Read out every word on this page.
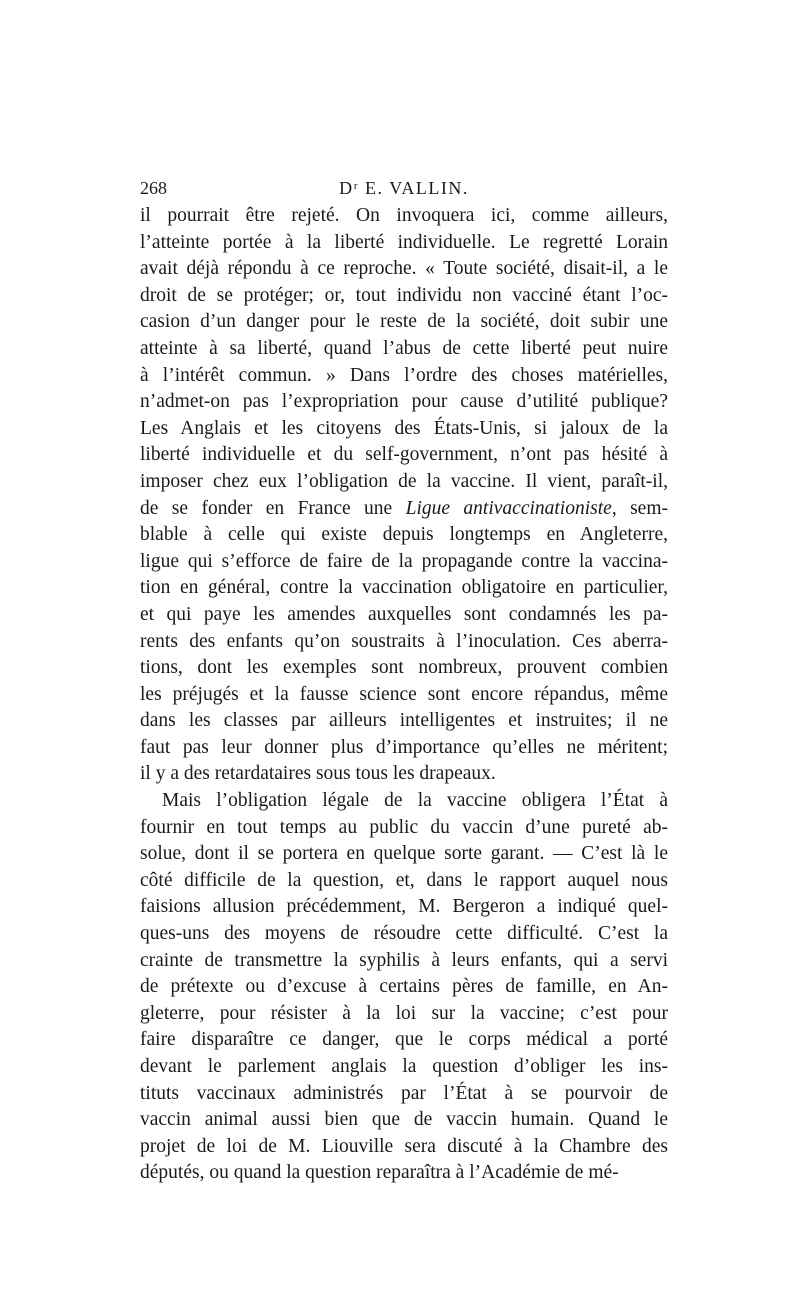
268	Dʳ E. VALLIN.
il pourrait être rejeté. On invoquera ici, comme ailleurs,
l’atteinte portée à la liberté individuelle. Le regretté Lorain
avait déjà répondu à ce reproche. « Toute société, disait-il, a le
droit de se protéger; or, tout individu non vacciné étant l’oc-
casion d’un danger pour le reste de la société, doit subir une
atteinte à sa liberté, quand l’abus de cette liberté peut nuire
à l’intérêt commun. » Dans l’ordre des choses matérielles,
n’admet-on pas l’expropriation pour cause d’utilité publique?
Les Anglais et les citoyens des États-Unis, si jaloux de la
liberté individuelle et du self-government, n’ont pas hésité à
imposer chez eux l’obligation de la vaccine. Il vient, paraît-il,
de se fonder en France une Ligue antivaccinationiste, sem-
blable à celle qui existe depuis longtemps en Angleterre,
ligue qui s’efforce de faire de la propagande contre la vaccina-
tion en général, contre la vaccination obligatoire en particulier,
et qui paye les amendes auxquelles sont condamnés les pa-
rents des enfants qu’on soustraits à l’inoculation. Ces aberra-
tions, dont les exemples sont nombreux, prouvent combien
les préjugés et la fausse science sont encore répandus, même
dans les classes par ailleurs intelligentes et instruites; il ne
faut pas leur donner plus d’importance qu’elles ne méritent;
il y a des retardataires sous tous les drapeaux.
Mais l’obligation légale de la vaccine obligera l’État à
fournir en tout temps au public du vaccin d’une pureté ab-
solue, dont il se portera en quelque sorte garant. — C’est là le
côté difficile de la question, et, dans le rapport auquel nous
faisions allusion précédemment, M. Bergeron a indiqué quel-
ques-uns des moyens de résoudre cette difficulté. C’est la
crainte de transmettre la syphilis à leurs enfants, qui a servi
de prétexte ou d’excuse à certains pères de famille, en An-
gleterre, pour résister à la loi sur la vaccine; c’est pour
faire disparaître ce danger, que le corps médical a porté
devant le parlement anglais la question d’obliger les ins-
tituts vaccinaux administrés par l’État à se pourvoir de
vaccin animal aussi bien que de vaccin humain. Quand le
projet de loi de M. Liouville sera discuté à la Chambre des
députés, ou quand la question reparaîtra à l’Académie de mé-
